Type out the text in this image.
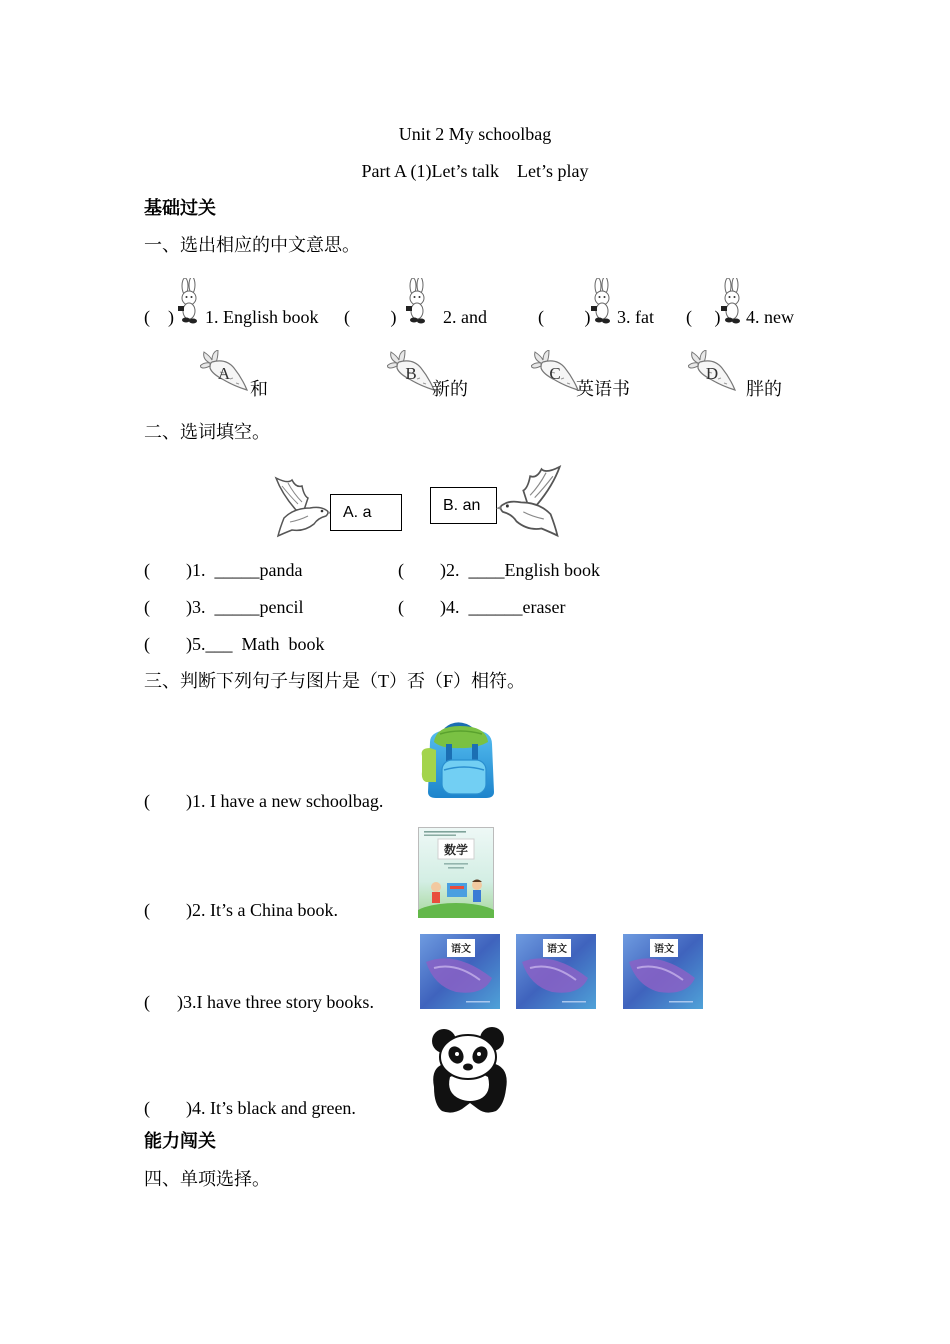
Unit 2 My schoolbag
Part A (1)Let’s talk    Let’s play
基础过关
一、选出相应的中文意思。
(    ) 1. English book (         )	2. and	(         ) 3. fat (     ) 4. new
A
和
B
新的
C
英语书
D
胖的
二、选词填空。
A. a	B. an
(        )1.  _____panda	(        )2.  ____English book
(        )3.  _____pencil	(        )4.  ______eraser
(        )5.___  Math  book
三、判断下列句子与图片是（T）否（F）相符。
(        )1. I have a new schoolbag.
数学
(        )2. It’s a China book.
语文	语文	语文
(      )3.I have three story books.
(        )4. It’s black and green.
能力闯关
四、单项选择。
